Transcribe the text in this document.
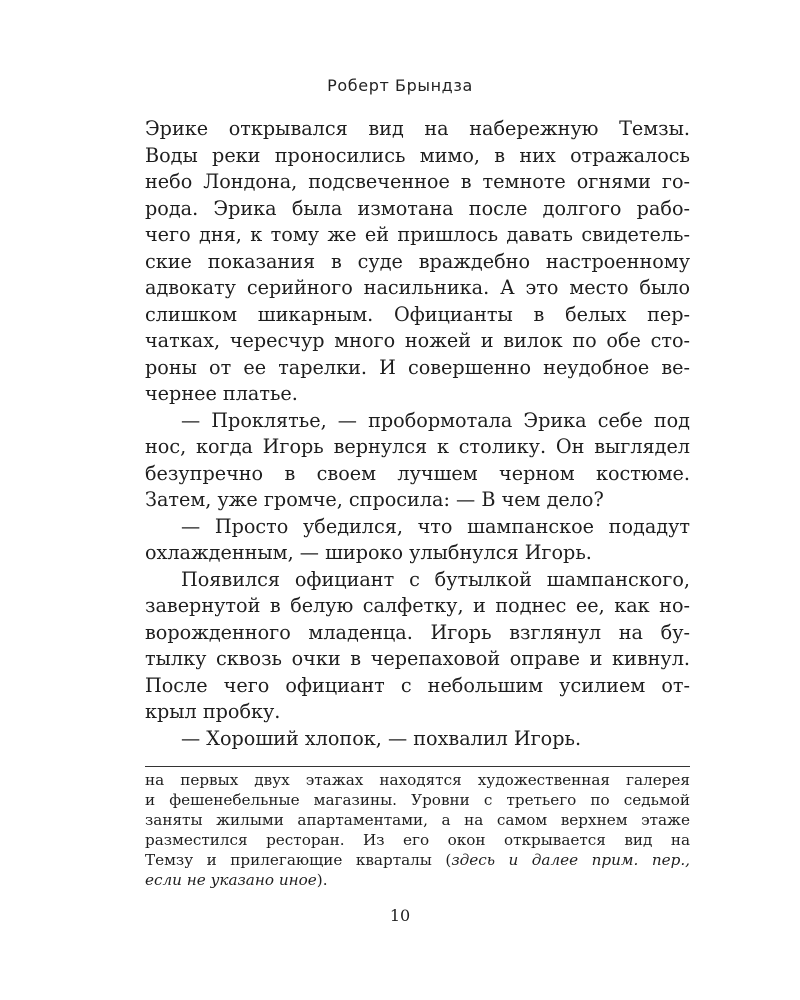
Роберт Брындза
Эрике открывался вид на набережную Темзы.
Воды реки проносились мимо, в них отражалось
небо Лондона, подсвеченное в темноте огнями го-
рода. Эрика была измотана после долгого рабо-
чего дня, к тому же ей пришлось давать свидетель-
ские показания в суде враждебно настроенному
адвокату серийного насильника. А это место было
слишком шикарным. Официанты в белых пер-
чатках, чересчур много ножей и вилок по обе сто-
роны от ее тарелки. И совершенно неудобное ве-
чернее платье.
— Проклятье, — пробормотала Эрика себе под
нос, когда Игорь вернулся к столику. Он выглядел
безупречно в своем лучшем черном костюме.
Затем, уже громче, спросила: — В чем дело?
— Просто убедился, что шампанское подадут
охлажденным, — широко улыбнулся Игорь.
Появился официант с бутылкой шампанского,
завернутой в белую салфетку, и поднес ее, как но-
ворожденного младенца. Игорь взглянул на бу-
тылку сквозь очки в черепаховой оправе и кивнул.
После чего официант с небольшим усилием от-
крыл пробку.
— Хороший хлопок, — похвалил Игорь.
на первых двух этажах находятся художественная галерея
и фешенебельные магазины. Уровни с третьего по седьмой
заняты жилыми апартаментами, а на самом верхнем этаже
разместился ресторан. Из его окон открывается вид на
Темзу и прилегающие кварталы (здесь и далее прим. пер.,
если не указано иное).
10
